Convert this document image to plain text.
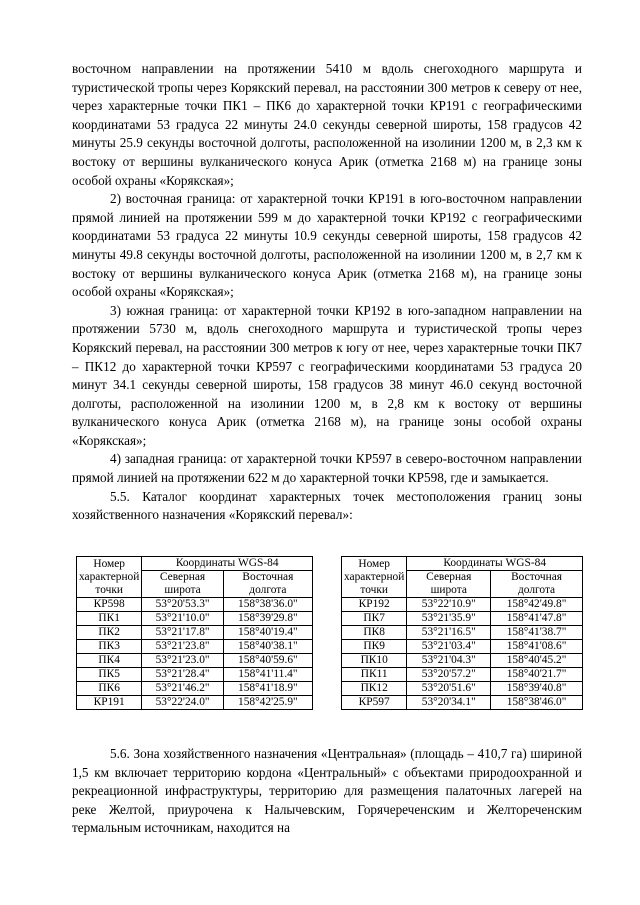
восточном направлении на протяжении 5410 м вдоль снегоходного маршрута и туристической тропы через Корякский перевал, на расстоянии 300 метров к северу от нее, через характерные точки ПК1 – ПК6 до характерной точки КР191 с географическими координатами 53 градуса 22 минуты 24.0 секунды северной широты, 158 градусов 42 минуты 25.9 секунды восточной долготы, расположенной на изолинии 1200 м, в 2,3 км к востоку от вершины вулканического конуса Арик (отметка 2168 м) на границе зоны особой охраны «Корякская»;

2) восточная граница: от характерной точки КР191 в юго-восточном направлении прямой линией на протяжении 599 м до характерной точки КР192 с географическими координатами 53 градуса 22 минуты 10.9 секунды северной широты, 158 градусов 42 минуты 49.8 секунды восточной долготы, расположенной на изолинии 1200 м, в 2,7 км к востоку от вершины вулканического конуса Арик (отметка 2168 м), на границе зоны особой охраны «Корякская»;

3) южная граница: от характерной точки КР192 в юго-западном направлении на протяжении 5730 м, вдоль снегоходного маршрута и туристической тропы через Корякский перевал, на расстоянии 300 метров к югу от нее, через характерные точки ПК7 – ПК12 до характерной точки КР597 с географическими координатами 53 градуса 20 минут 34.1 секунды северной широты, 158 градусов 38 минут 46.0 секунд восточной долготы, расположенной на изолинии 1200 м, в 2,8 км к востоку от вершины вулканического конуса Арик (отметка 2168 м), на границе зоны особой охраны «Корякская»;

4) западная граница: от характерной точки КР597 в северо-восточном направлении прямой линией на протяжении 622 м до характерной точки КР598, где и замыкается.

5.5. Каталог координат характерных точек местоположения границ зоны хозяйственного назначения «Корякский перевал»:

Номер
характерной
точки	Координаты WGS-84	
	Северная	Восточная
	широта	долгота
КР598	53°20'53.3"	158°38'36.0"
ПК1	53°21'10.0"	158°39'29.8"
ПК2	53°21'17.8"	158°40'19.4"
ПК3	53°21'23.8"	158°40'38.1"
ПК4	53°21'23.0"	158°40'59.6"
ПК5	53°21'28.4"	158°41'11.4"
ПК6	53°21'46.2"	158°41'18.9"
КР191	53°22'24.0"	158°42'25.9"
Номер
характерной
точки	Координаты WGS-84	
	Северная	Восточная
	широта	долгота
КР192	53°22'10.9"	158°42'49.8"
ПК7	53°21'35.9"	158°41'47.8"
ПК8	53°21'16.5"	158°41'38.7"
ПК9	53°21'03.4"	158°41'08.6"
ПК10	53°21'04.3"	158°40'45.2"
ПК11	53°20'57.2"	158°40'21.7"
ПК12	53°20'51.6"	158°39'40.8"
КР597	53°20'34.1"	158°38'46.0"

5.6. Зона хозяйственного назначения «Центральная» (площадь – 410,7 га) шириной 1,5 км включает территорию кордона «Центральный» с объектами природоохранной и рекреационной инфраструктуры, территорию для размещения палаточных лагерей на реке Желтой, приурочена к Налычевским, Горячереченским и Желтореченским термальным источникам, находится на
